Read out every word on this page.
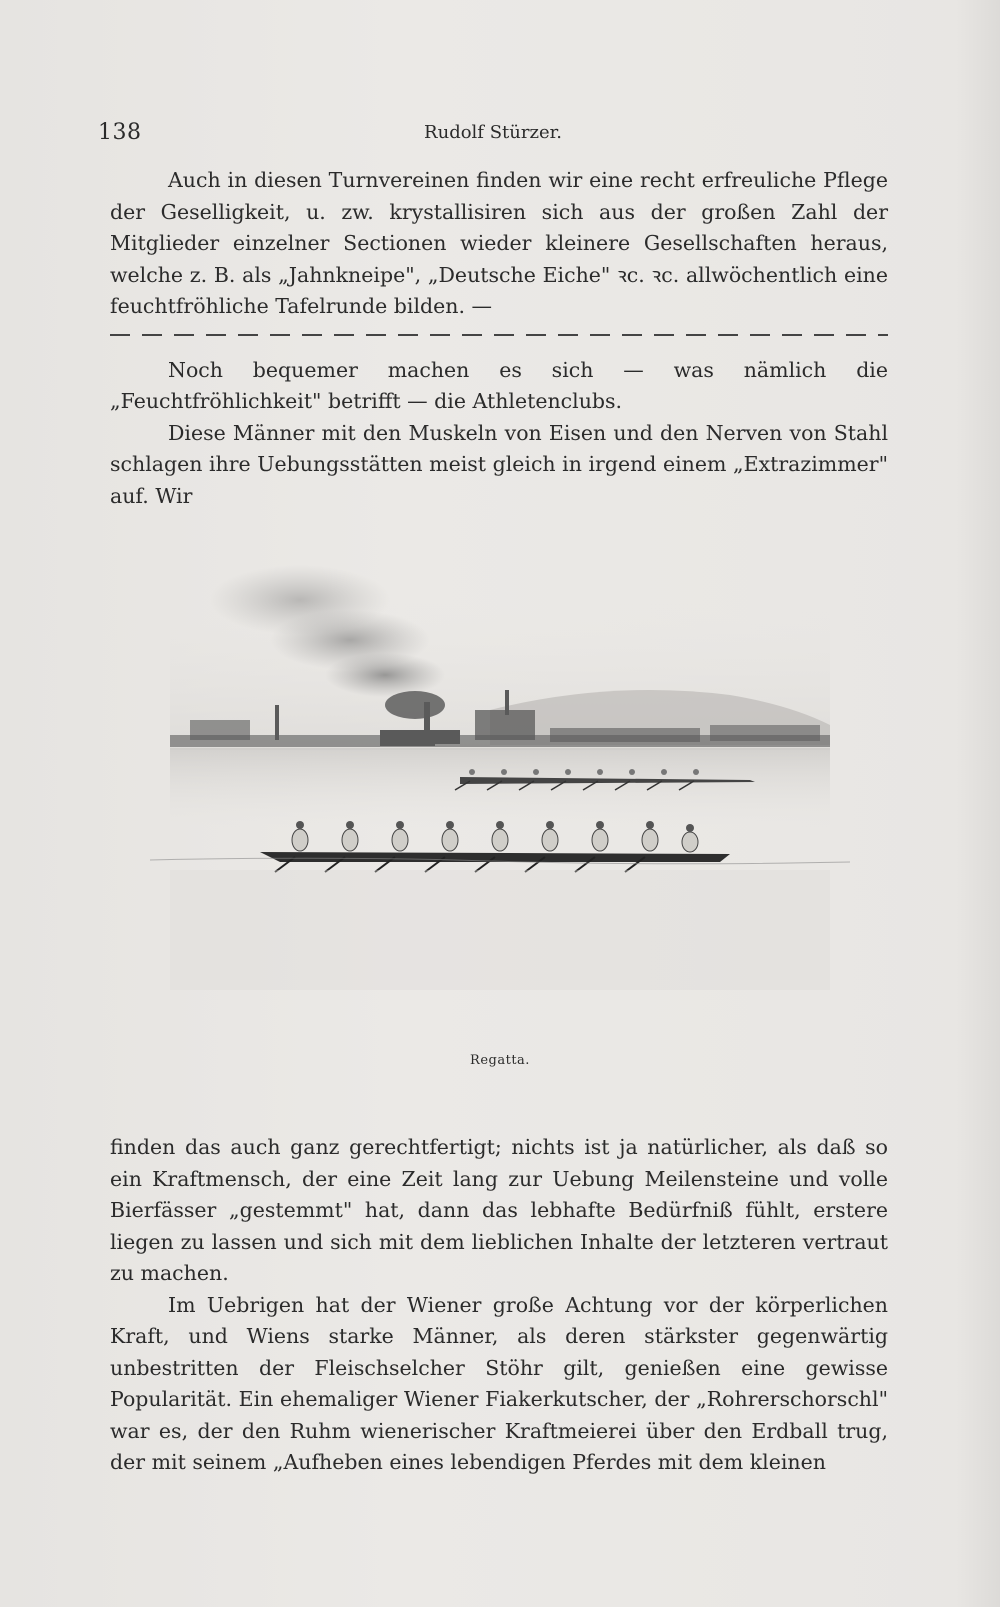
138	Rudolf Stürzer.

Auch in diesen Turnvereinen finden wir eine recht erfreuliche Pflege der Geselligkeit, u. zw. krystallisiren sich aus der großen Zahl der Mitglieder einzelner Sectionen wieder kleinere Gesellschaften heraus, welche z. B. als „Jahnkneipe", „Deutsche Eiche" ꝛc. ꝛc. allwöchentlich eine feuchtfröhliche Tafelrunde bilden. —

Noch bequemer machen es sich — was nämlich die „Feuchtfröhlichkeit" betrifft — die Athletenclubs.

Diese Männer mit den Muskeln von Eisen und den Nerven von Stahl schlagen ihre Uebungsstätten meist gleich in irgend einem „Extrazimmer" auf. Wir

Regatta.

finden das auch ganz gerechtfertigt; nichts ist ja natürlicher, als daß so ein Kraftmensch, der eine Zeit lang zur Uebung Meilensteine und volle Bierfässer „gestemmt" hat, dann das lebhafte Bedürfniß fühlt, erstere liegen zu lassen und sich mit dem lieblichen Inhalte der letzteren vertraut zu machen.

Im Uebrigen hat der Wiener große Achtung vor der körperlichen Kraft, und Wiens starke Männer, als deren stärkster gegenwärtig unbestritten der Fleischselcher Stöhr gilt, genießen eine gewisse Popularität. Ein ehemaliger Wiener Fiakerkutscher, der „Rohrerschorschl" war es, der den Ruhm wienerischer Kraftmeierei über den Erdball trug, der mit seinem „Aufheben eines lebendigen Pferdes mit dem kleinen
